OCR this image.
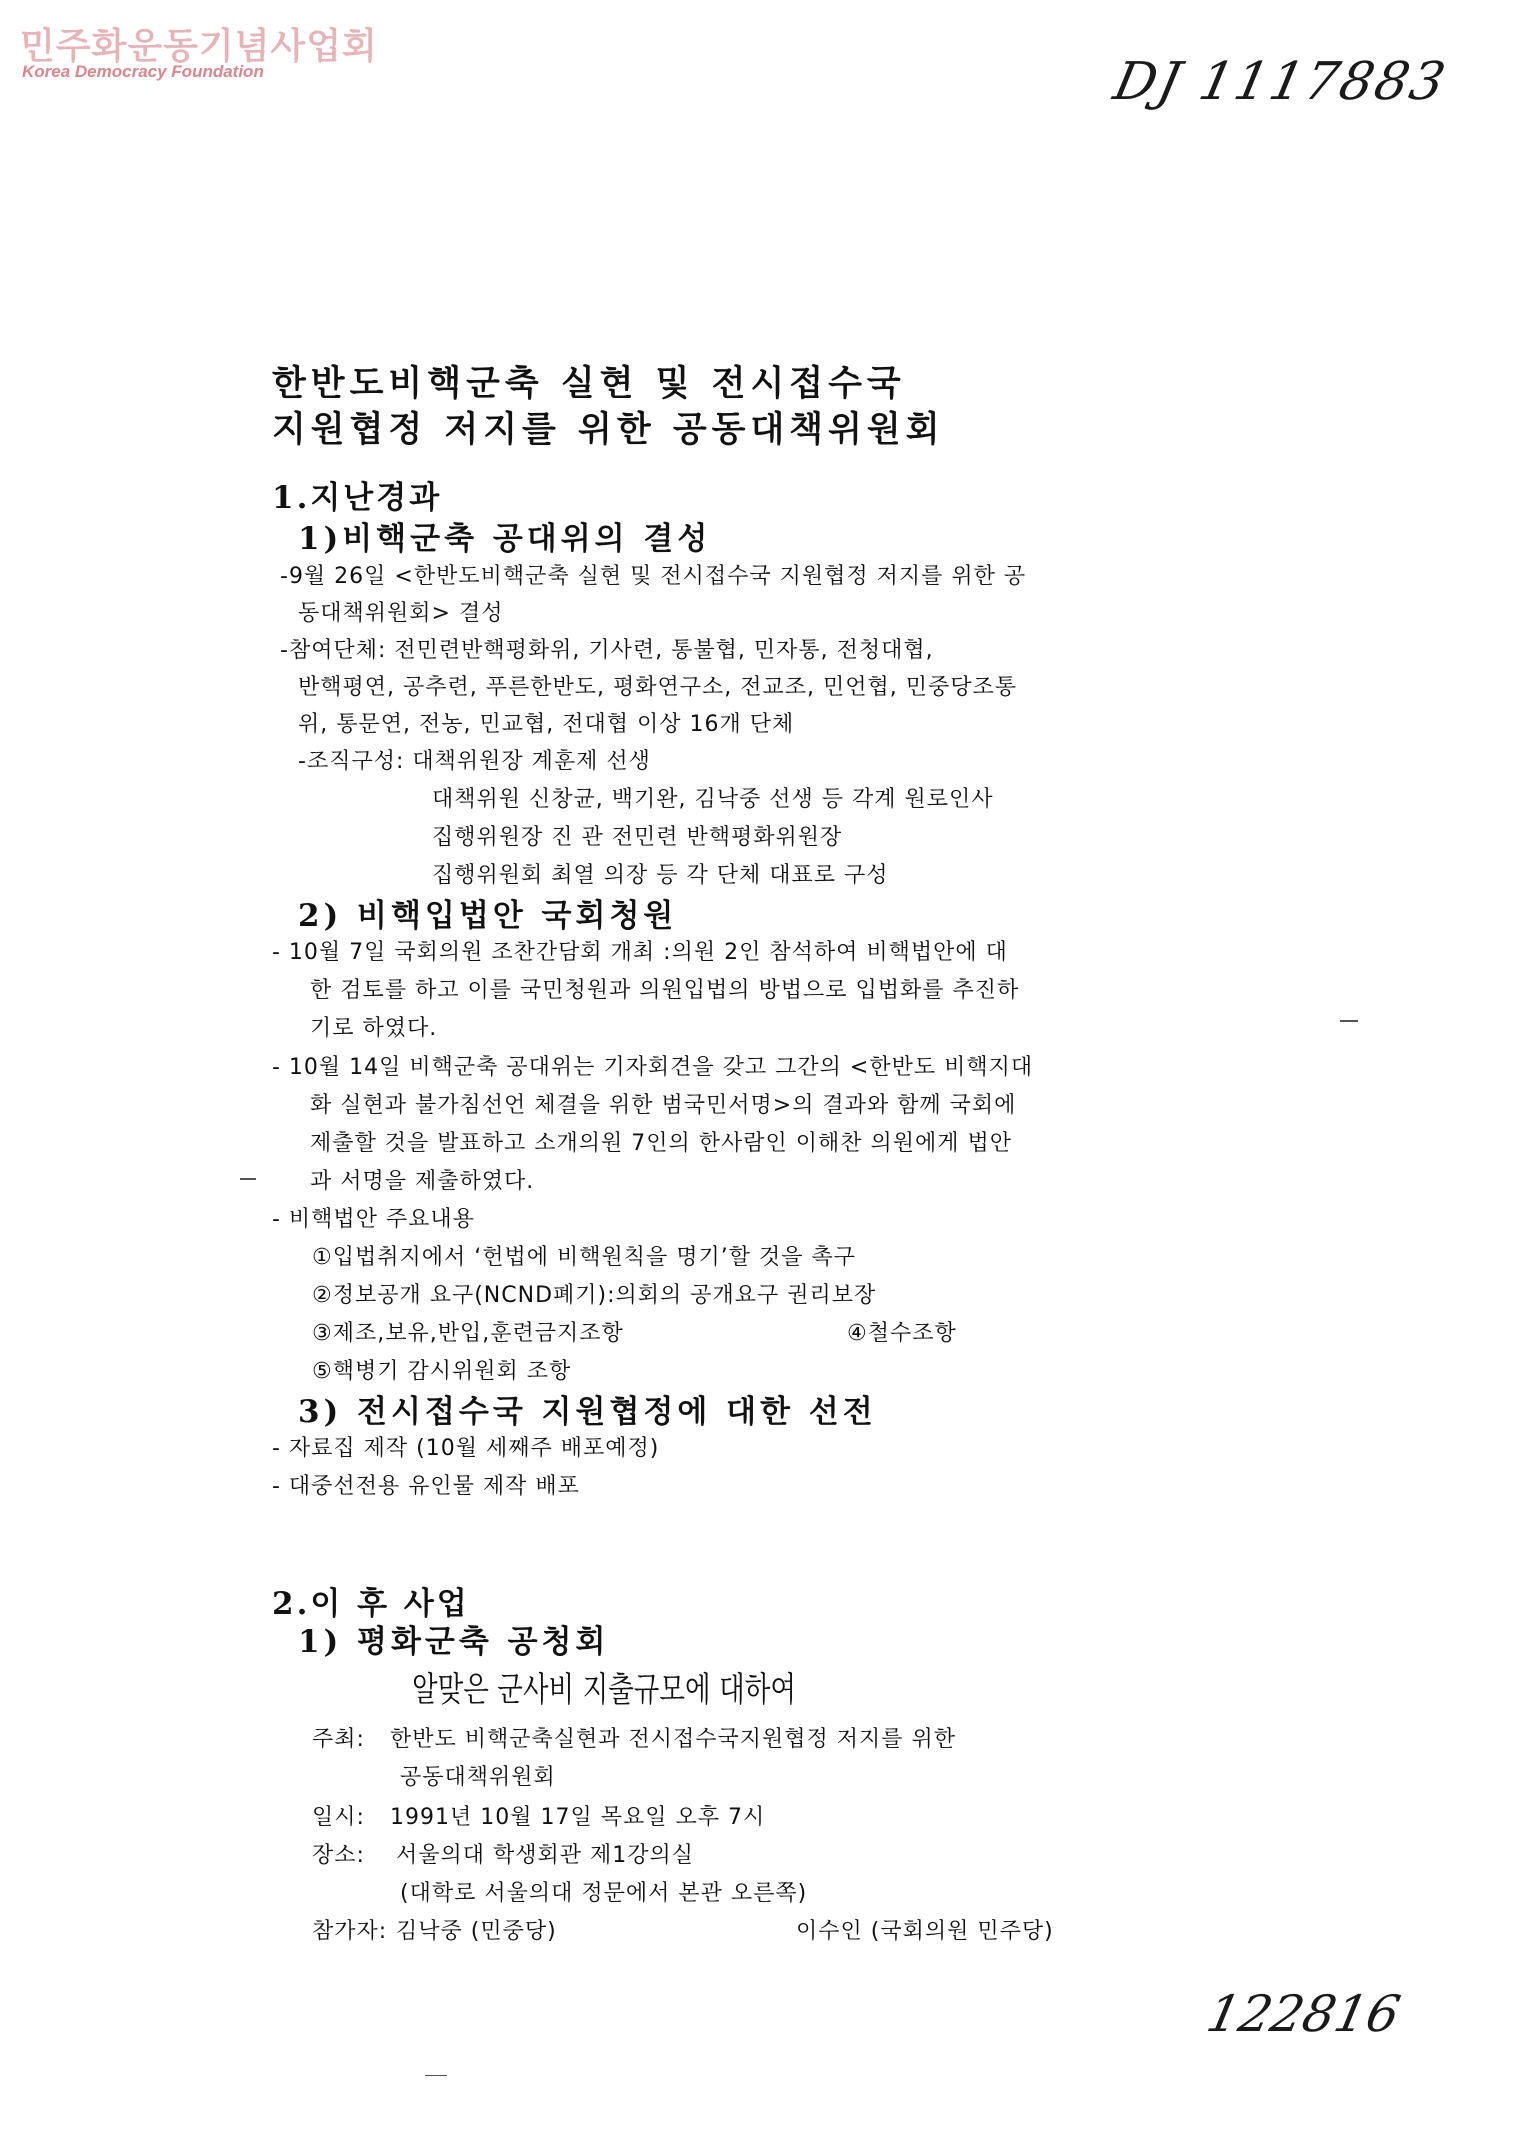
민주화운동기념사업회
Korea Democracy Foundation	DJ 1117883
한반도비핵군축 실현 및 전시접수국
지원협정 저지를 위한 공동대책위원회
1.지난경과
1)비핵군축 공대위의 결성
-9월 26일 <한반도비핵군축 실현 및 전시접수국 지원협정 저지를 위한 공
동대책위원회> 결성
-참여단체: 전민련반핵평화위, 기사련, 통불협, 민자통, 전청대협,
반핵평연, 공추련, 푸른한반도, 평화연구소, 전교조, 민언협, 민중당조통
위, 통문연, 전농, 민교협, 전대협 이상 16개 단체
-조직구성: 대책위원장 계훈제 선생
대책위원 신창균, 백기완, 김낙중 선생 등 각계 원로인사
집행위원장 진 관 전민련 반핵평화위원장
집행위원회 최열 의장 등 각 단체 대표로 구성
2) 비핵입법안 국회청원
- 10월 7일 국회의원 조찬간담회 개최 :의원 2인 참석하여 비핵법안에 대
한 검토를 하고 이를 국민청원과 의원입법의 방법으로 입법화를 추진하
기로 하였다.
- 10월 14일 비핵군축 공대위는 기자회견을 갖고 그간의 <한반도 비핵지대
화 실현과 불가침선언 체결을 위한 범국민서명>의 결과와 함께 국회에
제출할 것을 발표하고 소개의원 7인의 한사람인 이해찬 의원에게 법안
과 서명을 제출하였다.
- 비핵법안 주요내용
①입법취지에서 ‘헌법에 비핵원칙을 명기’할 것을 촉구
②정보공개 요구(NCND폐기):의회의 공개요구 권리보장
③제조,보유,반입,훈련금지조항	④철수조항
⑤핵병기 감시위원회 조항
3) 전시접수국 지원협정에 대한 선전
- 자료집 제작 (10월 세째주 배포예정)
- 대중선전용 유인물 제작 배포
2.이 후 사업
1) 평화군축 공청회
알맞은 군사비 지출규모에 대하여
주최: 한반도 비핵군축실현과 전시접수국지원협정 저지를 위한
공동대책위원회
일시: 1991년 10월 17일 목요일 오후 7시
장소: 서울의대 학생회관 제1강의실
(대학로 서울의대 정문에서 본관 오른쪽)
참가자: 김낙중 (민중당)	이수인 (국회의원 민주당)
122816
